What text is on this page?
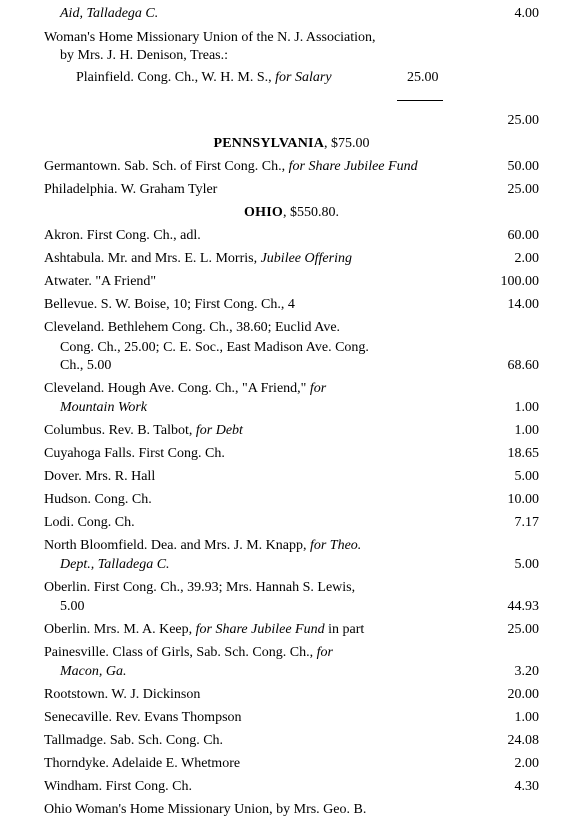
Aid, Talladega C.	4.00
Woman's Home Missionary Union of the N. J. Association,
by Mrs. J. H. Denison, Treas.:
Plainfield. Cong. Ch., W. H. M. S., for Salary	25.00
25.00
PENNSYLVANIA, $75.00
Germantown. Sab. Sch. of First Cong. Ch., for Share Jubilee Fund	50.00
Philadelphia. W. Graham Tyler	25.00
OHIO, $550.80.
Akron. First Cong. Ch., adl.	60.00
Ashtabula. Mr. and Mrs. E. L. Morris, Jubilee Offering	2.00
Atwater. "A Friend"	100.00
Bellevue. S. W. Boise, 10; First Cong. Ch., 4	14.00
Cleveland. Bethlehem Cong. Ch., 38.60; Euclid Ave.
Cong. Ch., 25.00; C. E. Soc., East Madison Ave. Cong.
Ch., 5.00	68.60
Cleveland. Hough Ave. Cong. Ch., "A Friend," for
Mountain Work	1.00
Columbus. Rev. B. Talbot, for Debt	1.00
Cuyahoga Falls. First Cong. Ch.	18.65
Dover. Mrs. R. Hall	5.00
Hudson. Cong. Ch.	10.00
Lodi. Cong. Ch.	7.17
North Bloomfield. Dea. and Mrs. J. M. Knapp, for Theo.
Dept., Talladega C.	5.00
Oberlin. First Cong. Ch., 39.93; Mrs. Hannah S. Lewis,
5.00	44.93
Oberlin. Mrs. M. A. Keep, for Share Jubilee Fund in part	25.00
Painesville. Class of Girls, Sab. Sch. Cong. Ch., for
Macon, Ga.	3.20
Rootstown. W. J. Dickinson	20.00
Senecaville. Rev. Evans Thompson	1.00
Tallmadge. Sab. Sch. Cong. Ch.	24.08
Thorndyke. Adelaide E. Whetmore	2.00
Windham. First Cong. Ch.	4.30
Ohio Woman's Home Missionary Union, by Mrs. Geo. B.
